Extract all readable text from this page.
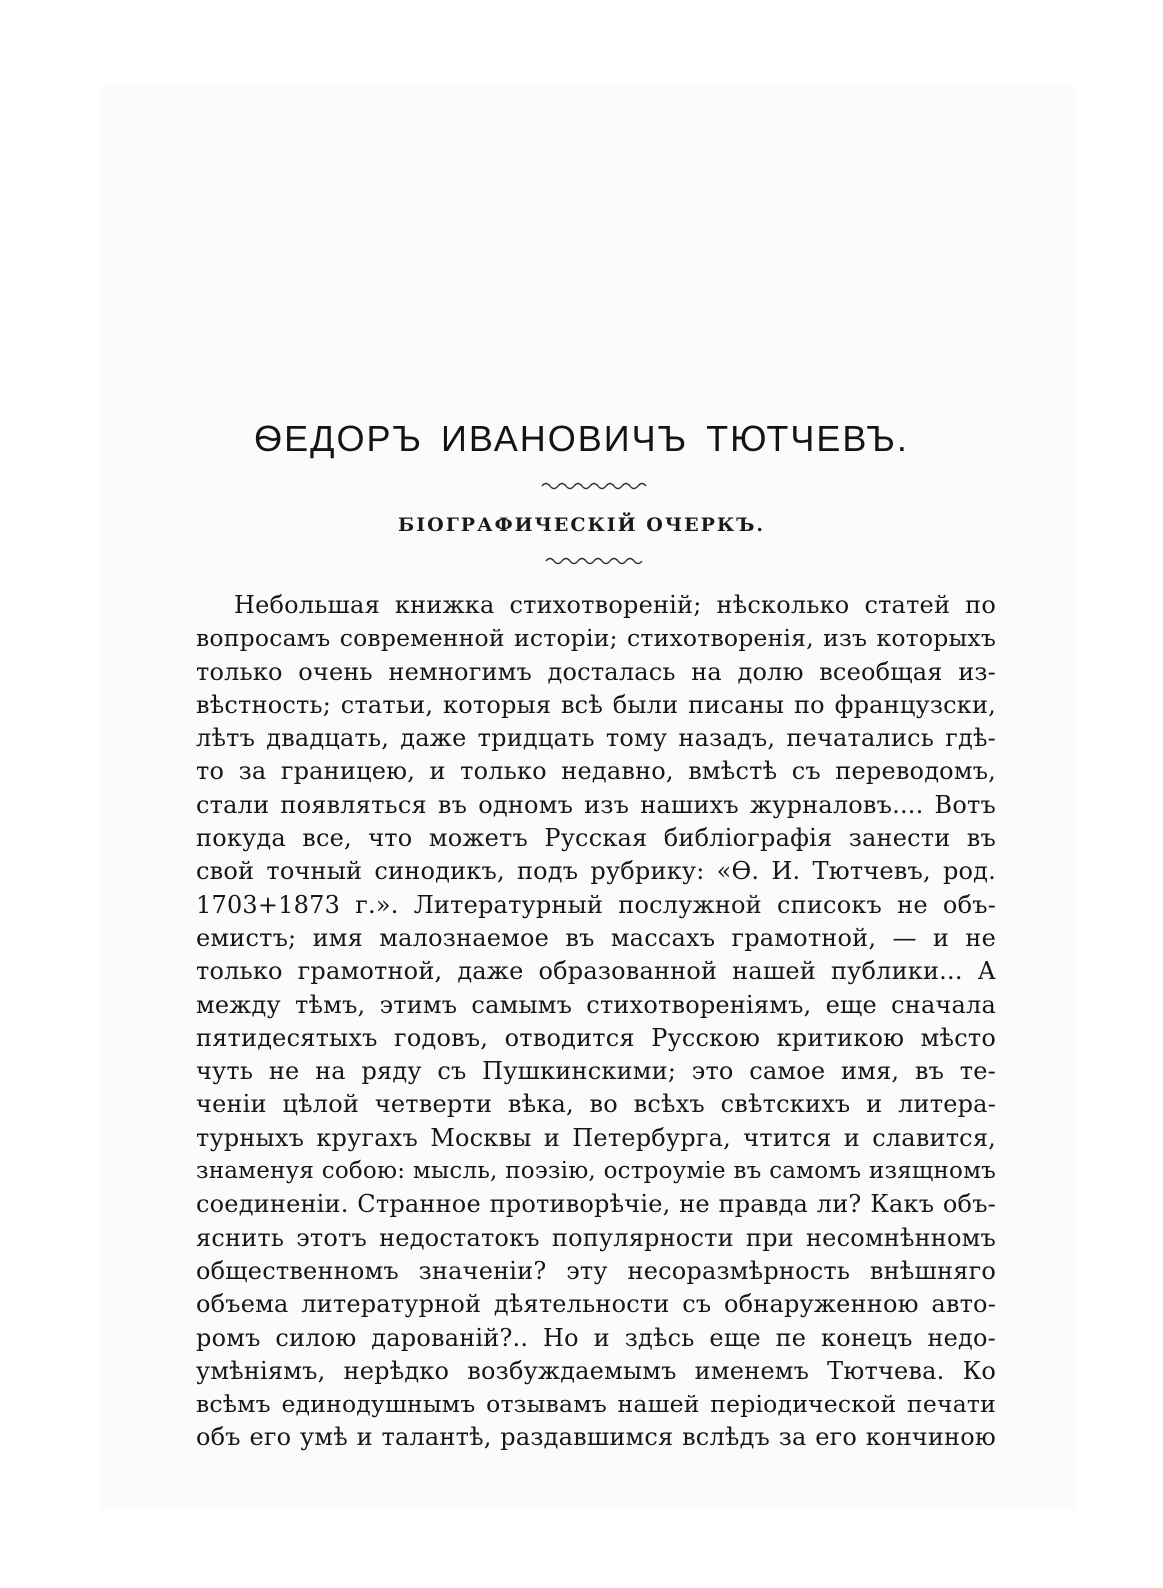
ѲЕДОРЪ ИВАНОВИЧЪ ТЮТЧЕВЪ.
БІОГРАФИЧЕСКІЙ ОЧЕРКЪ.
Небольшая книжка стихотвореній; нѣсколько статей по
вопросамъ современной исторіи; стихотворенія, изъ которыхъ
только очень немногимъ досталась на долю всеобщая из-
вѣстность; статьи, которыя всѣ были писаны по французски,
лѣтъ двадцать, даже тридцать тому назадъ, печатались гдѣ-
то за границею, и только недавно, вмѣстѣ съ переводомъ,
стали появляться въ одномъ изъ нашихъ журналовъ.... Вотъ
покуда все, что можетъ Русская библіографія занести въ
свой точный синодикъ, подъ рубрику: «Ѳ. И. Тютчевъ, род.
1703+1873 г.». Литературный послужной списокъ не объ-
емистъ; имя малознаемое въ массахъ грамотной, — и не
только грамотной, даже образованной нашей публики... А
между тѣмъ, этимъ самымъ стихотвореніямъ, еще сначала
пятидесятыхъ годовъ, отводится Русскою критикою мѣсто
чуть не на ряду съ Пушкинскими; это самое имя, въ те-
ченіи цѣлой четверти вѣка, во всѣхъ свѣтскихъ и литера-
турныхъ кругахъ Москвы и Петербурга, чтится и славится,
знаменуя собою: мысль, поэзію, остроуміе въ самомъ изящномъ
соединеніи. Странное противорѣчіе, не правда ли? Какъ объ-
яснить этотъ недостатокъ популярности при несомнѣнномъ
общественномъ значеніи? эту несоразмѣрность внѣшняго
объема литературной дѣятельности съ обнаруженною авто-
ромъ силою дарованій?.. Но и здѣсь еще пе конецъ недо-
умѣніямъ, нерѣдко возбуждаемымъ именемъ Тютчева. Ко
всѣмъ единодушнымъ отзывамъ нашей періодической печати
объ его умѣ и талантѣ, раздавшимся вслѣдъ за его кончиною
